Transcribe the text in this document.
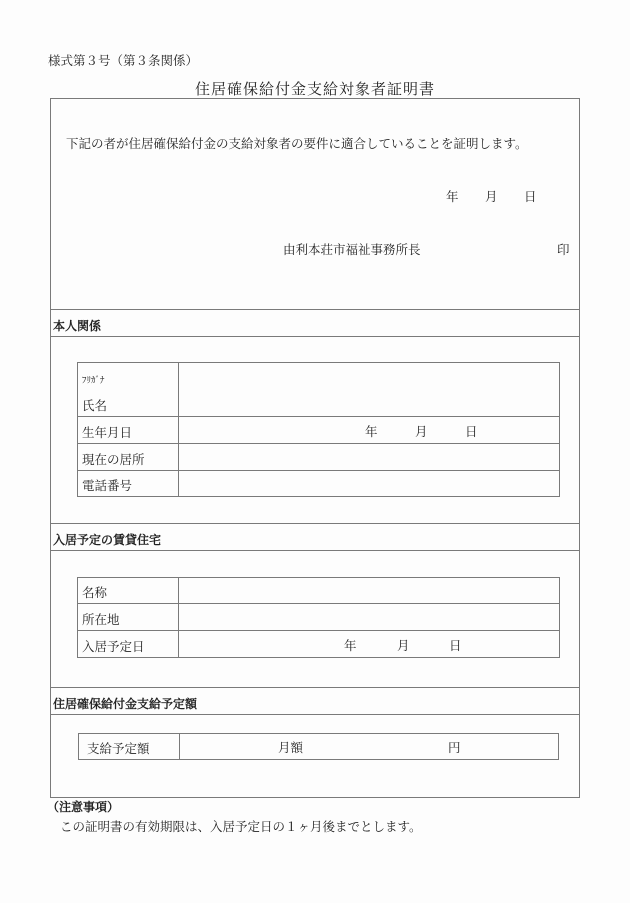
様式第３号（第３条関係）
住居確保給付金支給対象者証明書
下記の者が住居確保給付金の支給対象者の要件に適合していることを証明します。
年 月 日
由利本荘市福祉事務所長	印
本人関係
ﾌﾘｶﾞﾅ
氏名	
生年月日	年 月 日

現在の居所	
電話番号	
入居予定の賃貸住宅
名称	
所在地	
入居予定日	年 月 日
住居確保給付金支給予定額
支給予定額	月額	円
（注意事項）
この証明書の有効期限は、入居予定日の１ヶ月後までとします。
